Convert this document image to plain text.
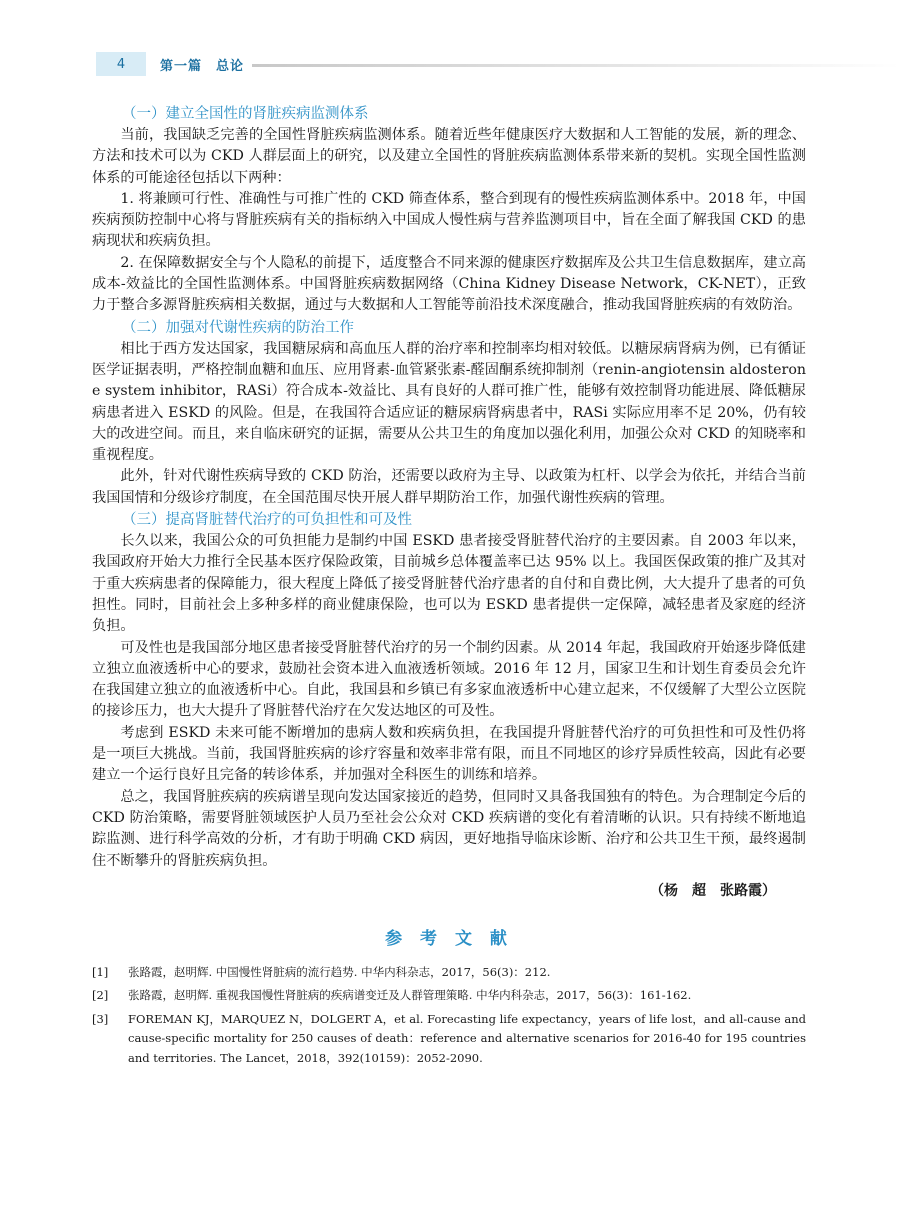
4	第一篇 总论
（一）建立全国性的肾脏疾病监测体系

当前，我国缺乏完善的全国性肾脏疾病监测体系。随着近些年健康医疗大数据和人工智能的发展，新的理念、方法和技术可以为 CKD 人群层面上的研究，以及建立全国性的肾脏疾病监测体系带来新的契机。实现全国性监测体系的可能途径包括以下两种：

1. 将兼顾可行性、准确性与可推广性的 CKD 筛查体系，整合到现有的慢性疾病监测体系中。2018 年，中国疾病预防控制中心将与肾脏疾病有关的指标纳入中国成人慢性病与营养监测项目中，旨在全面了解我国 CKD 的患病现状和疾病负担。

2. 在保障数据安全与个人隐私的前提下，适度整合不同来源的健康医疗数据库及公共卫生信息数据库，建立高成本-效益比的全国性监测体系。中国肾脏疾病数据网络（China Kidney Disease Network，CK-NET），正致力于整合多源肾脏疾病相关数据，通过与大数据和人工智能等前沿技术深度融合，推动我国肾脏疾病的有效防治。

（二）加强对代谢性疾病的防治工作

相比于西方发达国家，我国糖尿病和高血压人群的治疗率和控制率均相对较低。以糖尿病肾病为例，已有循证医学证据表明，严格控制血糖和血压、应用肾素-血管紧张素-醛固酮系统抑制剂（renin-angiotensin aldosterone system inhibitor，RASi）符合成本-效益比、具有良好的人群可推广性，能够有效控制肾功能进展、降低糖尿病患者进入 ESKD 的风险。但是，在我国符合适应证的糖尿病肾病患者中，RASi 实际应用率不足 20%，仍有较大的改进空间。而且，来自临床研究的证据，需要从公共卫生的角度加以强化利用，加强公众对 CKD 的知晓率和重视程度。

此外，针对代谢性疾病导致的 CKD 防治，还需要以政府为主导、以政策为杠杆、以学会为依托，并结合当前我国国情和分级诊疗制度，在全国范围尽快开展人群早期防治工作，加强代谢性疾病的管理。

（三）提高肾脏替代治疗的可负担性和可及性

长久以来，我国公众的可负担能力是制约中国 ESKD 患者接受肾脏替代治疗的主要因素。自 2003 年以来，我国政府开始大力推行全民基本医疗保险政策，目前城乡总体覆盖率已达 95% 以上。我国医保政策的推广及其对于重大疾病患者的保障能力，很大程度上降低了接受肾脏替代治疗患者的自付和自费比例，大大提升了患者的可负担性。同时，目前社会上多种多样的商业健康保险，也可以为 ESKD 患者提供一定保障，减轻患者及家庭的经济负担。

可及性也是我国部分地区患者接受肾脏替代治疗的另一个制约因素。从 2014 年起，我国政府开始逐步降低建立独立血液透析中心的要求，鼓励社会资本进入血液透析领域。2016 年 12 月，国家卫生和计划生育委员会允许在我国建立独立的血液透析中心。自此，我国县和乡镇已有多家血液透析中心建立起来，不仅缓解了大型公立医院的接诊压力，也大大提升了肾脏替代治疗在欠发达地区的可及性。

考虑到 ESKD 未来可能不断增加的患病人数和疾病负担，在我国提升肾脏替代治疗的可负担性和可及性仍将是一项巨大挑战。当前，我国肾脏疾病的诊疗容量和效率非常有限，而且不同地区的诊疗异质性较高，因此有必要建立一个运行良好且完备的转诊体系，并加强对全科医生的训练和培养。

总之，我国肾脏疾病的疾病谱呈现向发达国家接近的趋势，但同时又具备我国独有的特色。为合理制定今后的 CKD 防治策略，需要肾脏领域医护人员乃至社会公众对 CKD 疾病谱的变化有着清晰的认识。只有持续不断地追踪监测、进行科学高效的分析，才有助于明确 CKD 病因，更好地指导临床诊断、治疗和公共卫生干预，最终遏制住不断攀升的肾脏疾病负担。

（杨　超　张路霞）
参 考 文 献
[1]	张路霞，赵明辉. 中国慢性肾脏病的流行趋势. 中华内科杂志，2017，56(3)：212.
[2]	张路霞，赵明辉. 重视我国慢性肾脏病的疾病谱变迁及人群管理策略. 中华内科杂志，2017，56(3)：161-162.
[3]	FOREMAN KJ，MARQUEZ N，DOLGERT A，et al. Forecasting life expectancy，years of life lost，and all-cause and cause-specific mortality for 250 causes of death：reference and alternative scenarios for 2016-40 for 195 countries and territories. The Lancet，2018，392(10159)：2052-2090.
